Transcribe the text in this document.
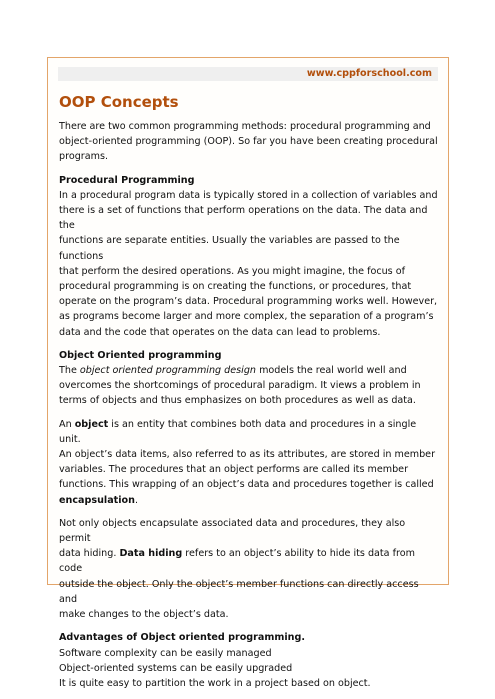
www.cppforschool.com
OOP Concepts

There are two common programming methods: procedural programming and
object-oriented programming (OOP). So far you have been creating procedural
programs.

Procedural Programming

In a procedural program data is typically stored in a collection of variables and
there is a set of functions that perform operations on the data. The data and the
functions are separate entities. Usually the variables are passed to the functions
that perform the desired operations. As you might imagine, the focus of
procedural programming is on creating the functions, or procedures, that
operate on the program’s data. Procedural programming works well. However,
as programs become larger and more complex, the separation of a program’s
data and the code that operates on the data can lead to problems.

Object Oriented programming

The object oriented programming design models the real world well and
overcomes the shortcomings of procedural paradigm. It views a problem in
terms of objects and thus emphasizes on both procedures as well as data.

An object is an entity that combines both data and procedures in a single unit.
An object’s data items, also referred to as its attributes, are stored in member
variables. The procedures that an object performs are called its member
functions. This wrapping of an object’s data and procedures together is called
encapsulation.

Not only objects encapsulate associated data and procedures, they also permit
data hiding. Data hiding refers to an object’s ability to hide its data from code
outside the object. Only the object’s member functions can directly access and
make changes to the object’s data.

Advantages of Object oriented programming.

Software complexity can be easily managed
Object-oriented systems can be easily upgraded
It is quite easy to partition the work in a project based on object.
